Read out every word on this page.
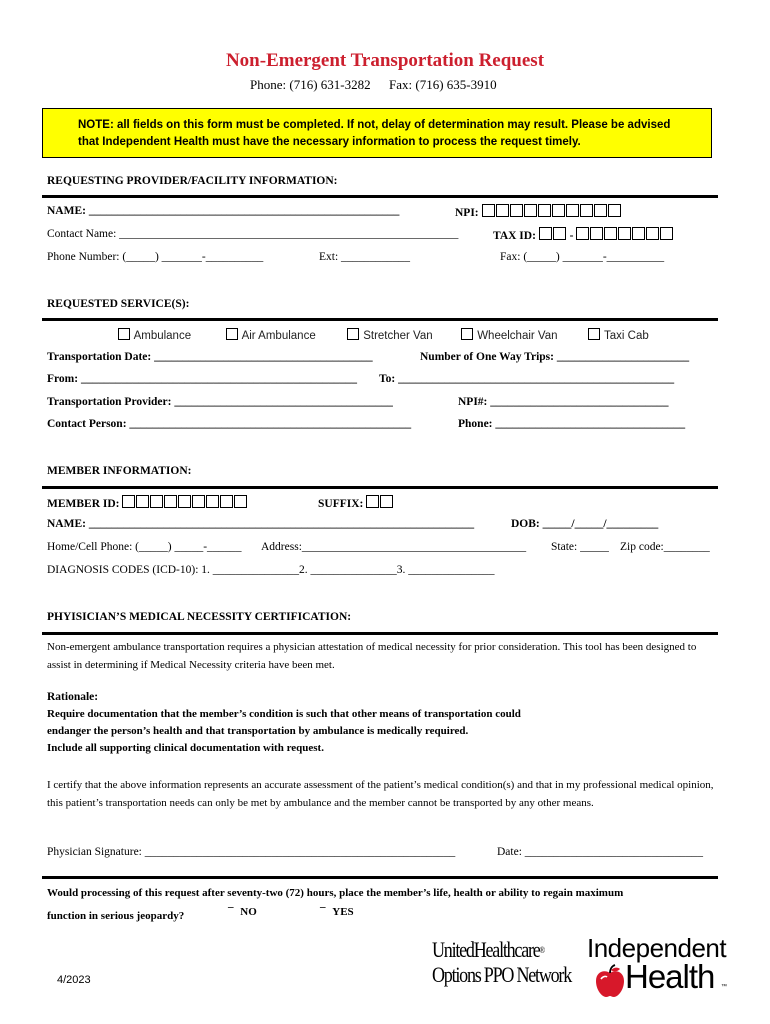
Non-Emergent Transportation Request
Phone: (716) 631-3282 Fax: (716) 635-3910
NOTE: all fields on this form must be completed. If not, delay of determination may result. Please be advised
that Independent Health must have the necessary information to process the request timely.
REQUESTING PROVIDER/FACILITY INFORMATION:
NAME: ______________________________________________________	NPI:
Contact Name: ___________________________________________________________	TAX ID:	-
Phone Number: (_____) _______-__________	Ext: ____________	Fax: (_____) _______-__________
REQUESTED SERVICE(S):
Ambulance	Air Ambulance	Stretcher Van	Wheelchair Van	Taxi Cab
Transportation Date: ______________________________________	Number of One Way Trips: _______________________
From: ________________________________________________ To: ________________________________________________
Transportation Provider: ______________________________________	NPI#: _______________________________
Contact Person: _________________________________________________	Phone: _________________________________
MEMBER INFORMATION:
MEMBER ID:	SUFFIX:
NAME: ___________________________________________________________________	DOB: _____/_____/_________
Home/Cell Phone: (_____) _____-______ Address:_______________________________________ State: _____ Zip code:________
DIAGNOSIS CODES (ICD-10): 1. _______________2. _______________3. _______________
PHYISICIAN’S MEDICAL NECESSITY CERTIFICATION:
Non-emergent ambulance transportation requires a physician attestation of medical necessity for prior consideration. This tool has been designed to assist in determining if Medical Necessity criteria have been met.
Rationale:
Require documentation that the member’s condition is such that other means of transportation could
endanger the person’s health and that transportation by ambulance is medically required.
Include all supporting clinical documentation with request.
I certify that the above information represents an accurate assessment of the patient’s medical condition(s) and that in my professional medical opinion, this patient’s transportation needs can only be met by ambulance and the member cannot be transported by any other means.
Physician Signature: ______________________________________________________	Date: _______________________________
Would processing of this request after seventy-two (72) hours, place the member’s life, health or ability to regain maximum
function in serious jeopardy?	¯ NO	¯ YES
4/2023
UnitedHealthcare®
Options PPO Network
Independent
Health ™
